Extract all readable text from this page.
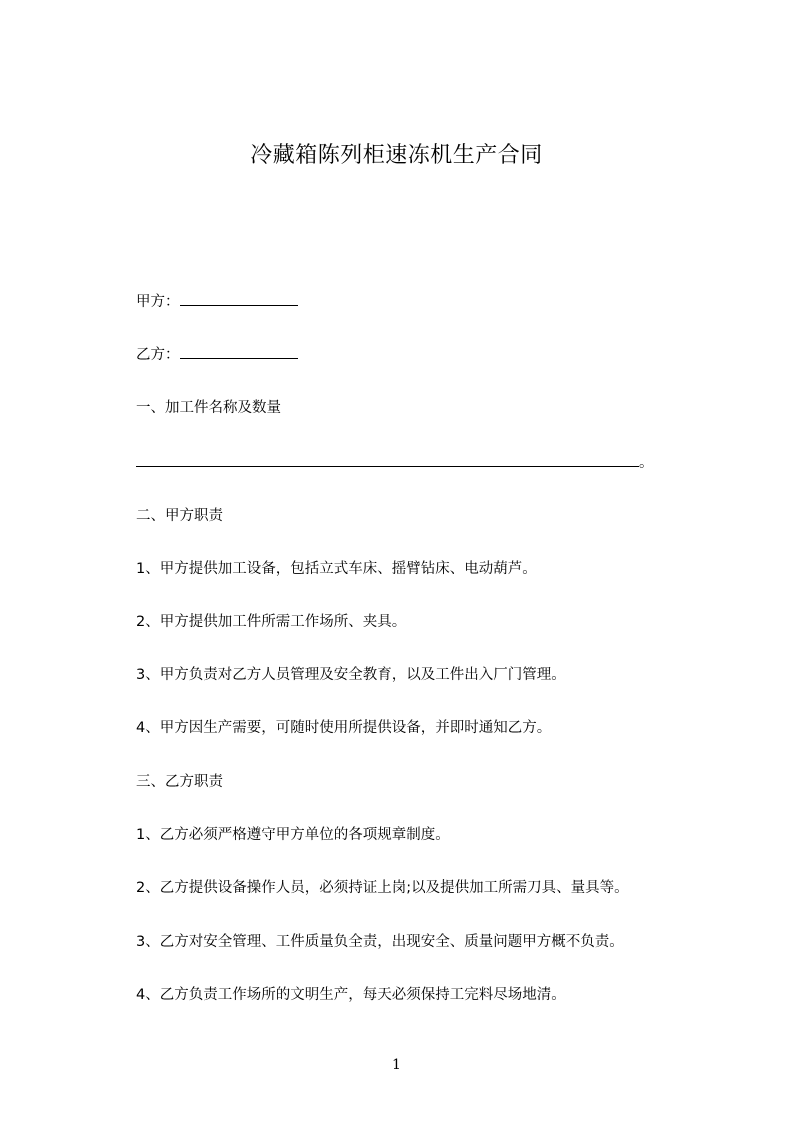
冷藏箱陈列柜速冻机生产合同
甲方：
乙方：
一、加工件名称及数量
。
二、甲方职责
1、甲方提供加工设备，包括立式车床、摇臂钻床、电动葫芦。
2、甲方提供加工件所需工作场所、夹具。
3、甲方负责对乙方人员管理及安全教育，以及工件出入厂门管理。
4、甲方因生产需要，可随时使用所提供设备，并即时通知乙方。
三、乙方职责
1、乙方必须严格遵守甲方单位的各项规章制度。
2、乙方提供设备操作人员，必须持证上岗;以及提供加工所需刀具、量具等。
3、乙方对安全管理、工件质量负全责，出现安全、质量问题甲方概不负责。
4、乙方负责工作场所的文明生产，每天必须保持工完料尽场地清。
1
